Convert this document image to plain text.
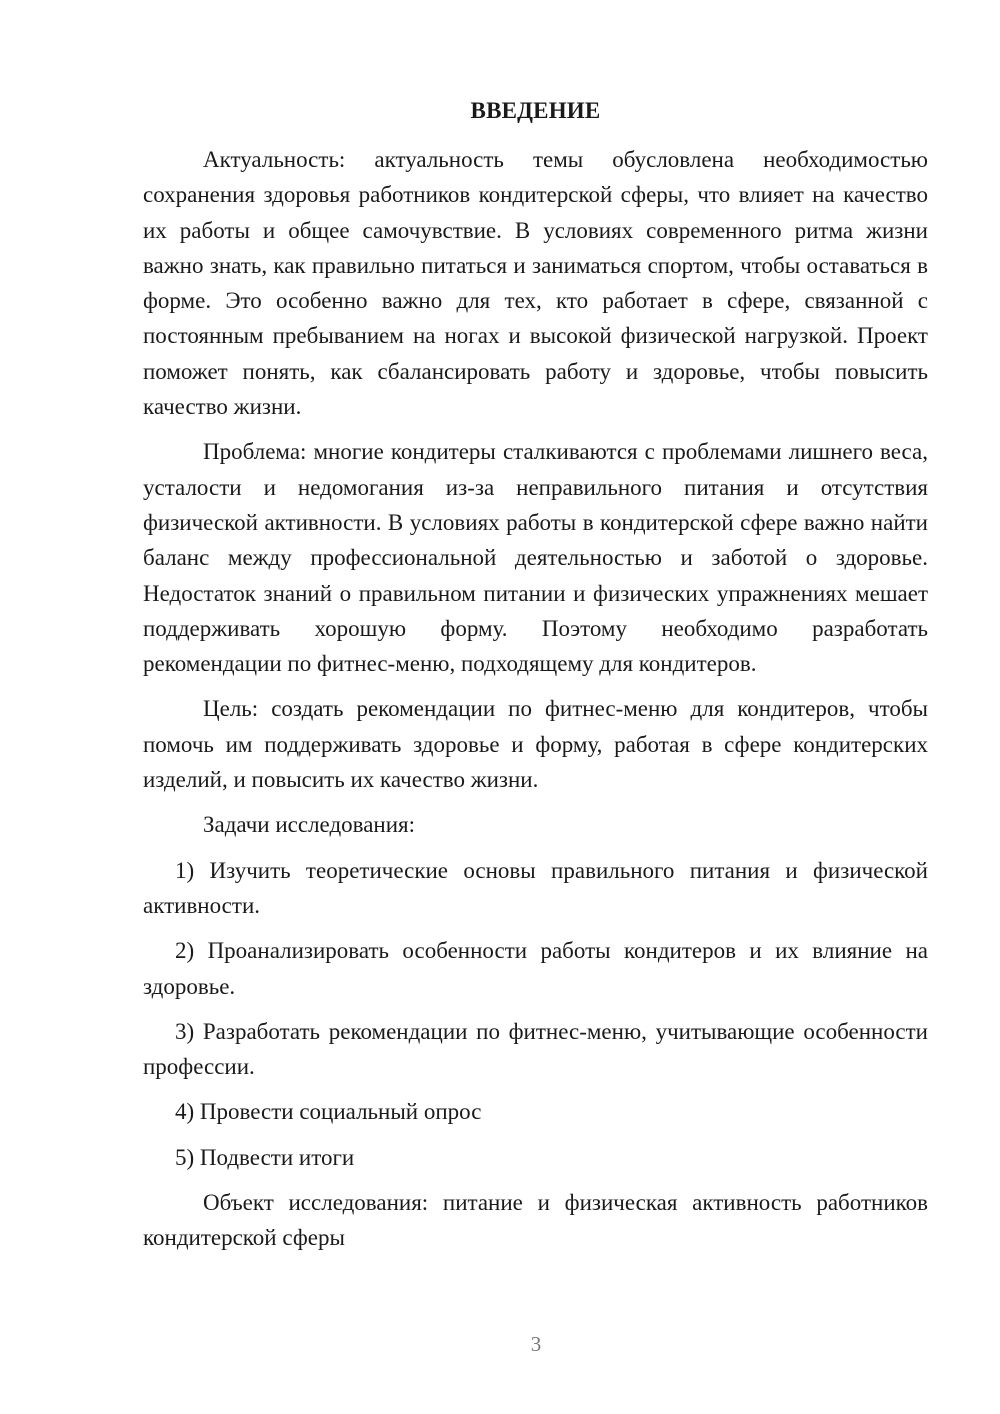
ВВЕДЕНИЕ

Актуальность: актуальность темы обусловлена необходимостью сохранения здоровья работников кондитерской сферы, что влияет на качество их работы и общее самочувствие. В условиях современного ритма жизни важно знать, как правильно питаться и заниматься спортом, чтобы оставаться в форме. Это особенно важно для тех, кто работает в сфере, связанной с постоянным пребыванием на ногах и высокой физической нагрузкой. Проект поможет понять, как сбалансировать работу и здоровье, чтобы повысить качество жизни.

Проблема: многие кондитеры сталкиваются с проблемами лишнего веса, усталости и недомогания из-за неправильного питания и отсутствия физической активности. В условиях работы в кондитерской сфере важно найти баланс между профессиональной деятельностью и заботой о здоровье. Недостаток знаний о правильном питании и физических упражнениях мешает поддерживать хорошую форму. Поэтому необходимо разработать рекомендации по фитнес-меню, подходящему для кондитеров.

Цель: создать рекомендации по фитнес-меню для кондитеров, чтобы помочь им поддерживать здоровье и форму, работая в сфере кондитерских изделий, и повысить их качество жизни.

Задачи исследования:

1) Изучить теоретические основы правильного питания и физической активности.

2) Проанализировать особенности работы кондитеров и их влияние на здоровье.

3) Разработать рекомендации по фитнес-меню, учитывающие особенности профессии.

4) Провести социальный опрос

5) Подвести итоги

Объект исследования: питание и физическая активность работников кондитерской сферы

3
